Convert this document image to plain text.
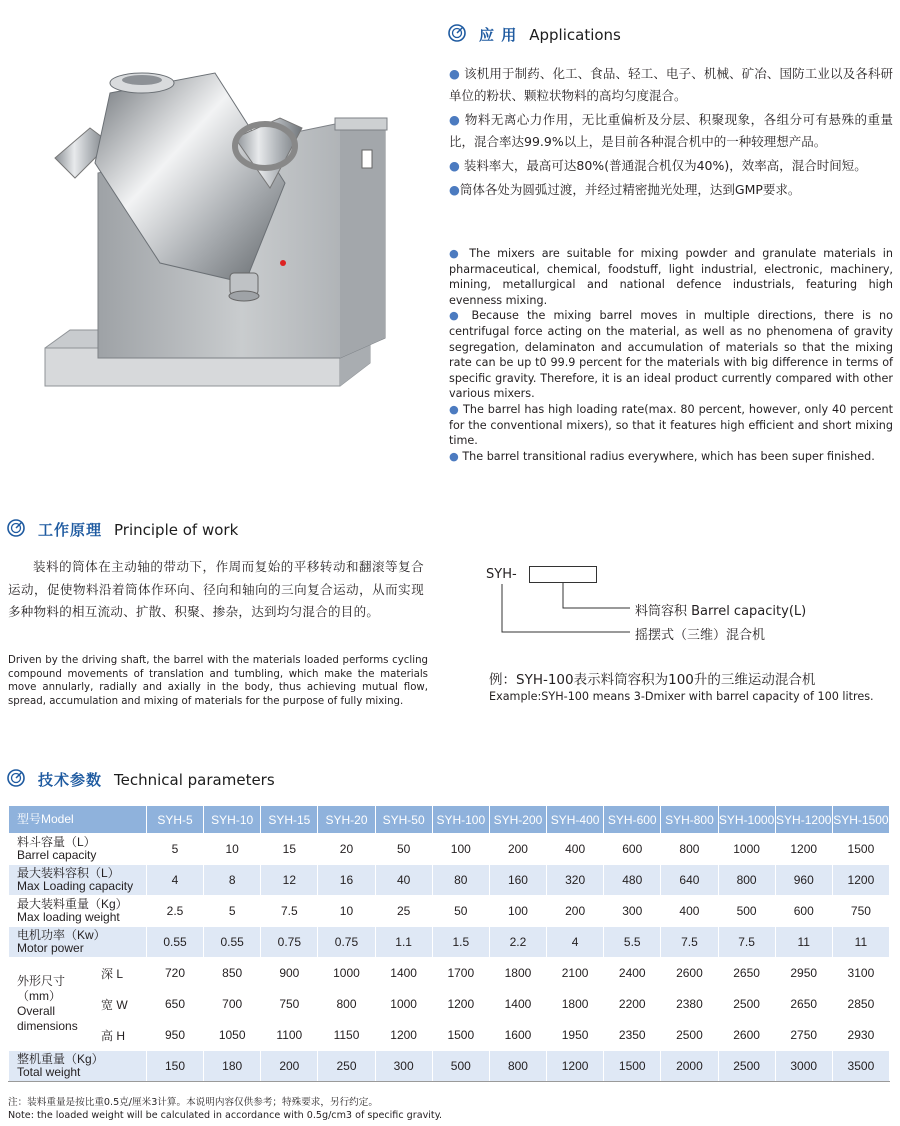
应 用 Applications

● 该机用于制药、化工、食品、轻工、电子、机械、矿冶、国防工业以及各科研单位的粉状、颗粒状物料的高均匀度混合。

● 物料无离心力作用，无比重偏析及分层、积聚现象，各组分可有悬殊的重量比，混合率达99.9%以上，是目前各种混合机中的一种较理想产品。

● 装料率大，最高可达80%(普通混合机仅为40%)，效率高，混合时间短。

●筒体各处为圆弧过渡，并经过精密抛光处理，达到GMP要求。

● The mixers are suitable for mixing powder and granulate materials in pharmaceutical, chemical, foodstuff, light industrial, electronic, machinery, mining, metallurgical and national defence industrials, featuring high evenness mixing.

● Because the mixing barrel moves in multiple directions, there is no centrifugal force acting on the material, as well as no phenomena of gravity segregation, delaminaton and accumulation of materials so that the mixing rate can be up t0 99.9 percent for the materials with big difference in terms of specific gravity. Therefore, it is an ideal product currently compared with other various mixers.

● The barrel has high loading rate(max. 80 percent, however, only 40 percent for the conventional mixers), so that it features high efficient and short mixing time.

● The barrel transitional radius everywhere, which has been super finished.

工作原理 Principle of work
装料的筒体在主动轴的带动下，作周而复始的平移转动和翻滚等复合运动，促使物料沿着筒体作环向、径向和轴向的三向复合运动，从而实现多种物料的相互流动、扩散、积聚、掺杂，达到均匀混合的目的。
Driven by the driving shaft, the barrel with the materials loaded performs cycling compound movements of translation and tumbling, which make the materials move annularly, radially and axially in the body, thus achieving mutual flow, spread, accumulation and mixing of materials for the purpose of fully mixing.
SYH-
料筒容积 Barrel capacity(L)
摇摆式（三维）混合机
例：SYH-100表示料筒容积为100升的三维运动混合机
Example:SYH-100 means 3-Dmixer with barrel capacity of 100 litres.
技术参数 Technical parameters
型号Model		SYH-5	SYH-10	SYH-15	SYH-20	SYH-50	SYH-100	SYH-200	SYH-400	SYH-600	SYH-800	SYH-1000	SYH-1200	SYH-1500

料斗容量（L）
Barrel capacity		5	10	15	20	50	100	200	400	600	800	1000	1200	1500

最大装料容积（L）
Max Loading capacity		4	8	12	16	40	80	160	320	480	640	800	960	1200

最大装料重量（Kg）
Max loading weight		2.5	5	7.5	10	25	50	100	200	300	400	500	600	750

电机功率（Kw）
Motor power		0.55	0.55	0.75	0.75	1.1	1.5	2.2	4	5.5	7.5	7.5	11	11

外形尺寸（mm）
Overall dimensions	深 L	720	850	900	1000	1400	1700	1800	2100	2400	2600	2650	2950	3100
	宽 W	650	700	750	800	1000	1200	1400	1800	2200	2380	2500	2650	2850
	高 H	950	1050	1100	1150	1200	1500	1600	1950	2350	2500	2600	2750	2930

整机重量（Kg）
Total weight		150	180	200	250	300	500	800	1200	1500	2000	2500	3000	3500
注：装料重量是按比重0.5克/厘米3计算。本说明内容仅供参考；特殊要求，另行约定。
Note: the loaded weight will be calculated in accordance with 0.5g/cm3 of specific gravity.
